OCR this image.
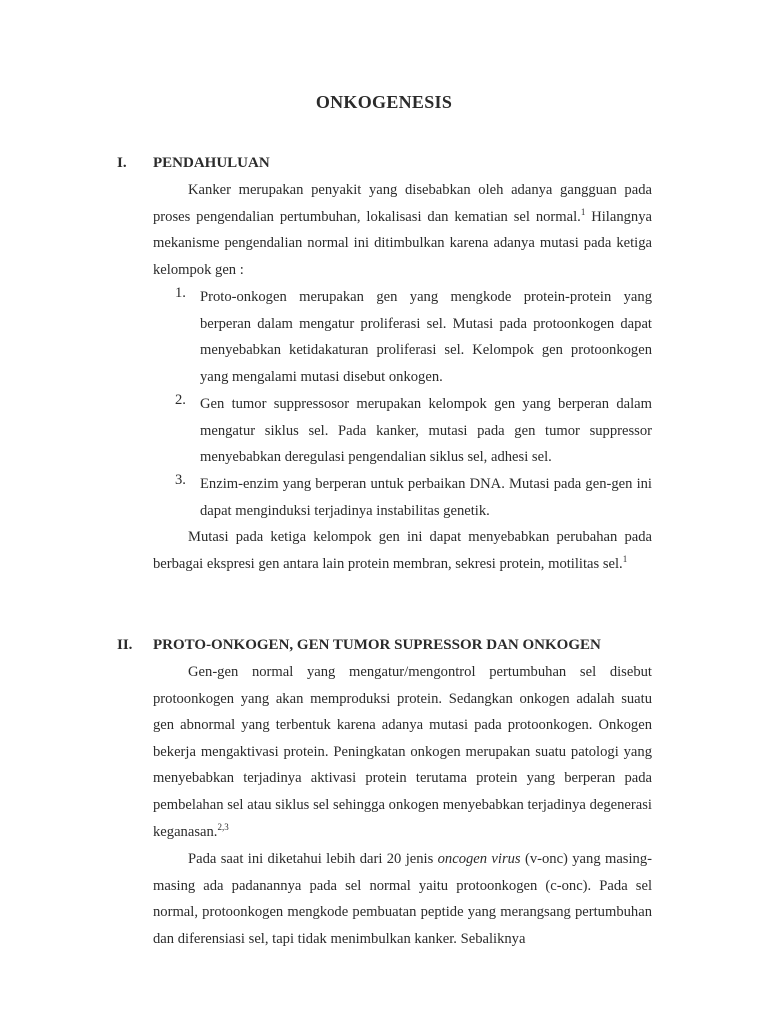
ONKOGENESIS
I. PENDAHULUAN

Kanker merupakan penyakit yang disebabkan oleh adanya gangguan pada proses pengendalian pertumbuhan, lokalisasi dan kematian sel normal.$^1$ Hilangnya mekanisme pengendalian normal ini ditimbulkan karena adanya mutasi pada ketiga kelompok gen :

1. Proto-onkogen merupakan gen yang mengkode protein-protein yang berperan dalam mengatur proliferasi sel. Mutasi pada protoonkogen dapat menyebabkan ketidakaturan proliferasi sel. Kelompok gen protoonkogen yang mengalami mutasi disebut onkogen.

2. Gen tumor suppressosor merupakan kelompok gen yang berperan dalam mengatur siklus sel. Pada kanker, mutasi pada gen tumor suppressor menyebabkan deregulasi pengendalian siklus sel, adhesi sel.

3. Enzim-enzim yang berperan untuk perbaikan DNA. Mutasi pada gen-gen ini dapat menginduksi terjadinya instabilitas genetik.

Mutasi pada ketiga kelompok gen ini dapat menyebabkan perubahan pada berbagai ekspresi gen antara lain protein membran, sekresi protein, motilitas sel.$^1$

II. PROTO-ONKOGEN, GEN TUMOR SUPRESSOR DAN ONKOGEN

Gen-gen normal yang mengatur/mengontrol pertumbuhan sel disebut protoonkogen yang akan memproduksi protein. Sedangkan onkogen adalah suatu gen abnormal yang terbentuk karena adanya mutasi pada protoonkogen. Onkogen bekerja mengaktivasi protein. Peningkatan onkogen merupakan suatu patologi yang menyebabkan terjadinya aktivasi protein terutama protein yang berperan pada pembelahan sel atau siklus sel sehingga onkogen menyebabkan terjadinya degenerasi keganasan.$^{2,3}$

Pada saat ini diketahui lebih dari 20 jenis oncogen virus (v-onc) yang masing-masing ada padanannya pada sel normal yaitu protoonkogen (c-onc). Pada sel normal, protoonkogen mengkode pembuatan peptide yang merangsang pertumbuhan dan diferensiasi sel, tapi tidak menimbulkan kanker. Sebaliknya
